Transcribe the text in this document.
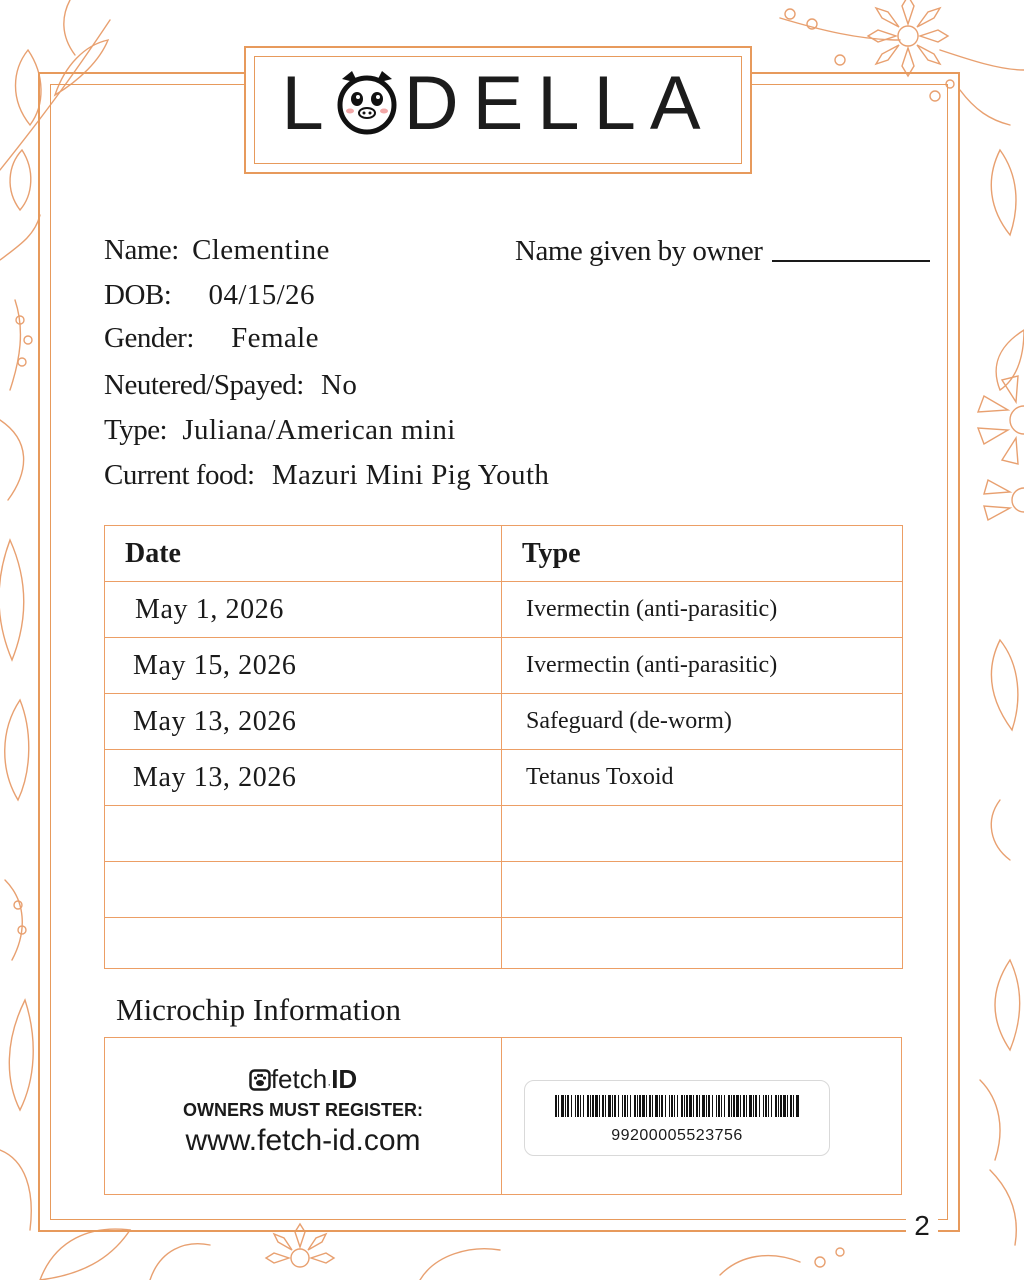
L DELLA
Name: Clementine	Name given by owner
DOB: 04/15/26
Gender: Female
Neutered/Spayed: No
Type: Juliana/American mini
Current food: Mazuri Mini Pig Youth
Date	Type
May 1, 2026	Ivermectin (anti-parasitic)
May 15, 2026	Ivermectin (anti-parasitic)
May 13, 2026	Safeguard (de-worm)
May 13, 2026	Tetanus Toxoid

Microchip Information
fetch·ID
OWNERS MUST REGISTER:
www.fetch-id.com	99200005523756
2
